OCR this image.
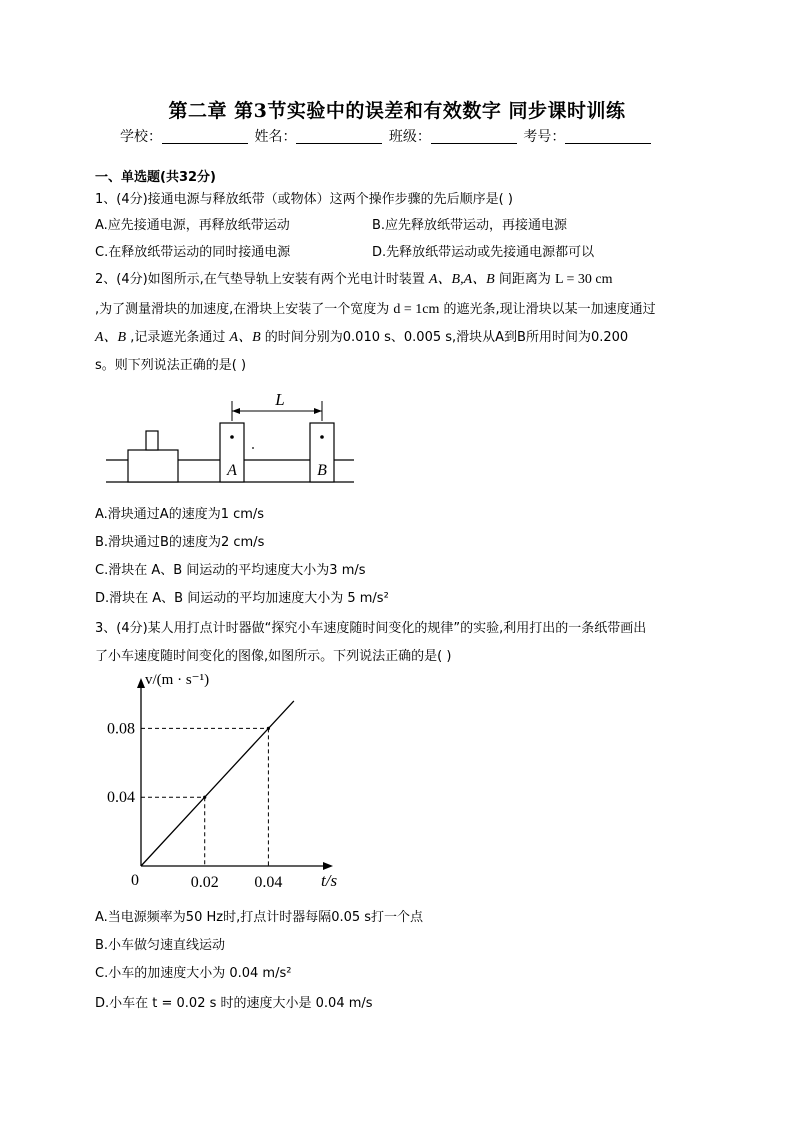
第二章 第3节实验中的误差和有效数字 同步课时训练
学校：	姓名：	班级：	考号：
一、单选题(共32分)
1、(4分)接通电源与释放纸带（或物体）这两个操作步骤的先后顺序是( )
A.应先接通电源，再释放纸带运动	B.应先释放纸带运动，再接通电源
C.在释放纸带运动的同时接通电源	D.先释放纸带运动或先接通电源都可以
2、(4分)如图所示,在气垫导轨上安装有两个光电计时装置 A、B,A、B 间距离为 L = 30 cm
,为了测量滑块的加速度,在滑块上安装了一个宽度为 d = 1cm 的遮光条,现让滑块以某一加速度通过
A、B ,记录遮光条通过 A、B 的时间分别为0.010 s、0.005 s,滑块从A到B所用时间为0.200
s。则下列说法正确的是( )
L
A	B
A.滑块通过A的速度为1 cm/s
B.滑块通过B的速度为2 cm/s
C.滑块在 A、B 间运动的平均速度大小为3 m/s
D.滑块在 A、B 间运动的平均加速度大小为 5 m/s²
3、(4分)某人用打点计时器做“探究小车速度随时间变化的规律”的实验,利用打出的一条纸带画出
了小车速度随时间变化的图像,如图所示。下列说法正确的是( )
v/(m · s⁻¹)
t/s
0	0.02 0.04
0.04
0.08
A.当电源频率为50 Hz时,打点计时器每隔0.05 s打一个点
B.小车做匀速直线运动
C.小车的加速度大小为 0.04 m/s²
D.小车在 t = 0.02 s 时的速度大小是 0.04 m/s
